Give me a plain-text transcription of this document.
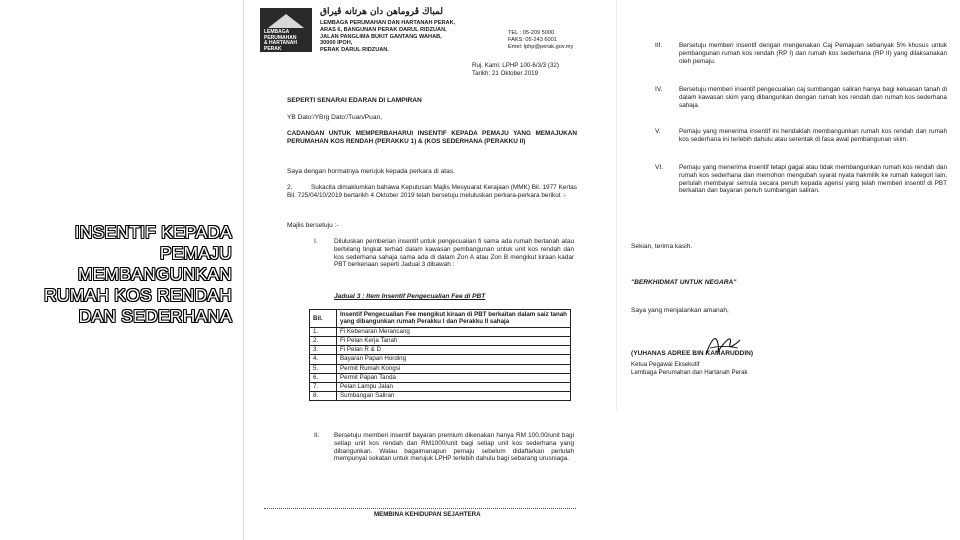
INSENTIF KEPADA
PEMAJU
MEMBANGUNKAN
RUMAH KOS RENDAH
DAN SEDERHANA
LEMBAGA
PERUMAHAN
& HARTANAH
PERAK
لمباڬ ڤروماهن دان هرتانه ڤيراق
LEMBAGA PERUMAHAN DAN HARTANAH PERAK,
ARAS 6, BANGUNAN PERAK DARUL RIDZUAN,
JALAN PANGLIMA BUKIT GANTANG WAHAB,
30000 IPOH,
PERAK DARUL RIDZUAN.
TEL : 05-209 5000
FAKS: 05-243 6001
Emel: lphp@perak.gov.my
Ruj. Kami: LPHP 100-6/3/3 (32)
Tarikh: 21 Oktober 2019
SEPERTI SENARAI EDARAN DI LAMPIRAN
YB Dato'/YBrg Dato'/Tuan/Puan,
CADANGAN UNTUK MEMPERBAHARUI INSENTIF KEPADA PEMAJU YANG MEMAJUKAN PERUMAHAN KOS RENDAH (PERAKKU 1) & (KOS SEDERHANA (PERAKKU II)
Saya dengan hormatnya merujuk kepada perkara di atas.
2.	Sukacita dimaklumkan bahawa Keputusan Majlis Mesyuarat Kerajaan (MMK) Bil. 1977 Kertas Bil. 725/04/10/2019 bertarikh 4 Oktober 2019 telah bersetuju meluluskan perkara-perkara berikut :-
Majlis bersetuju :-
I.	Diluluskan pemberian insentif untuk pengecualian fi sama ada rumah bertanah atau berbilang tingkat terhad dalam kawasan pembangunan untuk unit kos rendah dan kos sederhana sahaja sama ada di dalam Zon A atau Zon B mengikut kiraan kadar PBT berkenaan seperti Jadual 3 dibawah :
Jadual 3 : Item Insentif Pengecualian Fee di PBT
Bil.	Insentif Pengecualian Fee mengikut kiraan di PBT berkaitan dalam saiz tanah yang dibangunkan rumah Perakku I dan Perakku II sahaja
1.	Fi Kebenaran Merancang
2.	Fi Pelan Kerja Tanah
3.	Fi Pelan R & D
4.	Bayaran Papan Hording
5.	Permit Rumah Kongsi
6.	Permit Papan Tanda
7.	Pelan Lampu Jalan
8.	Sumbangan Saliran
II. Bersetuju memberi insentif bayaran premium dikenakan hanya RM 100.00/unit bagi setiap unit kos rendah dan RM1000/unit bagi setiap unit kos sederhana yang dibangunkan. Walau bagaimanapun pemaju sebelum didaftarkan perlulah mempunyai sokatan untuk merujuk LPHP terlebih dahulu bagi sebarang urusniaga.
MEMBINA KEHIDUPAN SEJAHTERA
III.	Bersetuju memberi insentif dengan mengenakan Caj Pemajuan sebanyak 5% khusus untuk pembangunan rumah kos rendah (RP I) dan rumah kos sederhana (RP II) yang dilaksanakan oleh pemaju.
IV.	Bersetuju memberi insentif pengecualian caj sumbangan saliran hanya bagi keluasan tanah di dalam kawasan skim yang dibangunkan dengan rumah kos rendah dan rumah kos sederhana sahaja.
V.	Pemaju yang menerima insentif ini hendaklah membangunkan rumah kos rendah dan rumah kos sederhana ini terlebih dahulu atau serentak di fasa awal pembangunan skim.
VI. Pemaju yang menerima insentif tetapi gagal atau tidak membangunkan rumah kos rendah dan rumah kos sederhana dan memohon mengubah syarat nyata hakmilik ke rumah kategori lain, perlulah membayar semula secara penuh kepada agensi yang telah memberi insentif di PBT berkaitan dan bayaran penuh sumbangan saliran.
Sekian, terima kasih.
"BERKHIDMAT UNTUK NEGARA"
Saya yang menjalankan amanah,
(YUHANAS ADREE BIN KAMARUDDIN)
Ketua Pegawai Eksekutif
Lembaga Perumahan dan Hartanah Perak
